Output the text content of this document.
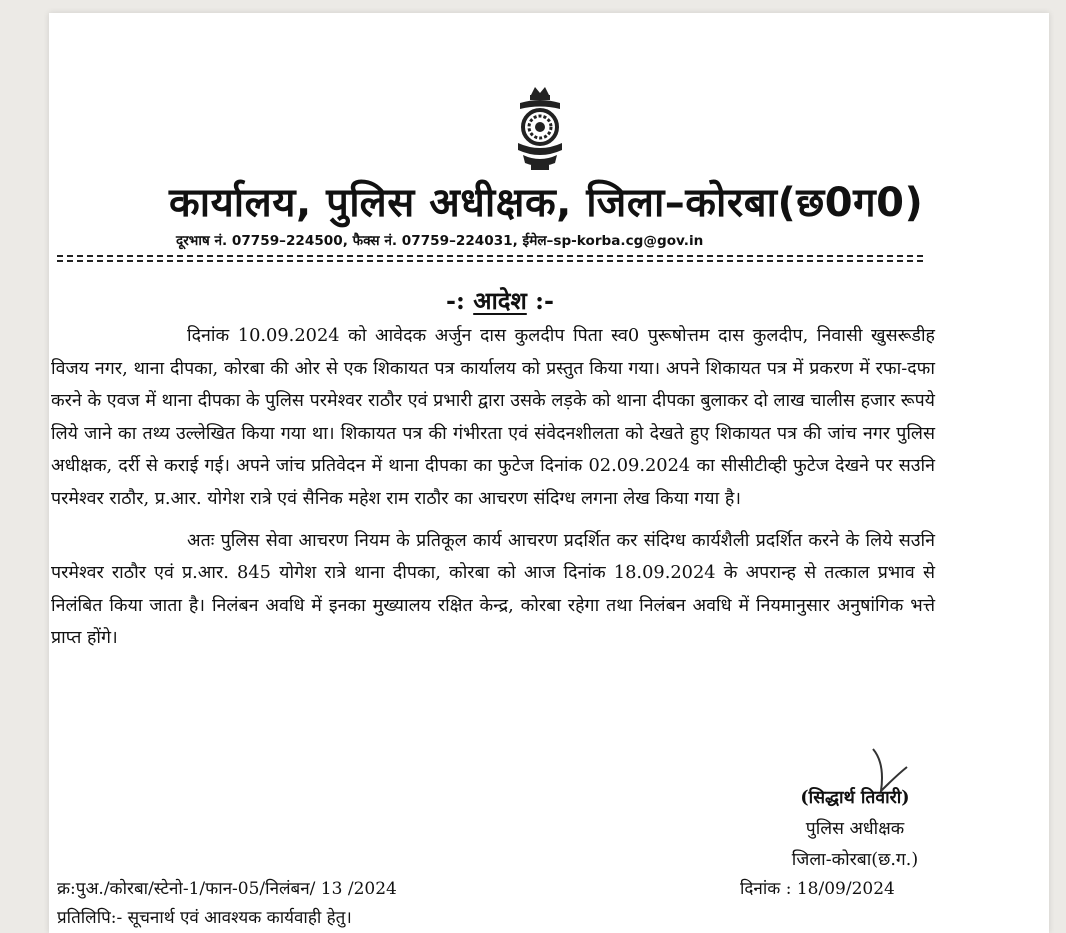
कार्यालय, पुलिस अधीक्षक, जिला–कोरबा(छ0ग0)
दूरभाष नं. 07759–224500, फैक्स नं. 07759–224031, ईमेल–sp-korba.cg@gov.in
-: आदेश :-

दिनांक 10.09.2024 को आवेदक अर्जुन दास कुलदीप पिता स्व0 पुरूषोत्तम दास कुलदीप, निवासी खुसरूडीह विजय नगर, थाना दीपका, कोरबा की ओर से एक शिकायत पत्र कार्यालय को प्रस्तुत किया गया। अपने शिकायत पत्र में प्रकरण में रफा-दफा करने के एवज में थाना दीपका के पुलिस परमेश्वर राठौर एवं प्रभारी द्वारा उसके लड़के को थाना दीपका बुलाकर दो लाख चालीस हजार रूपये लिये जाने का तथ्य उल्लेखित किया गया था। शिकायत पत्र की गंभीरता एवं संवेदनशीलता को देखते हुए शिकायत पत्र की जांच नगर पुलिस अधीक्षक, दर्री से कराई गई। अपने जांच प्रतिवेदन में थाना दीपका का फुटेज दिनांक 02.09.2024 का सीसीटीव्ही फुटेज देखने पर सउनि परमेश्वर राठौर, प्र.आर. योगेश रात्रे एवं सैनिक महेश राम राठौर का आचरण संदिग्ध लगना लेख किया गया है।

अतः पुलिस सेवा आचरण नियम के प्रतिकूल कार्य आचरण प्रदर्शित कर संदिग्ध कार्यशैली प्रदर्शित करने के लिये सउनि परमेश्वर राठौर एवं प्र.आर. 845 योगेश रात्रे थाना दीपका, कोरबा को आज दिनांक 18.09.2024 के अपरान्ह से तत्काल प्रभाव से निलंबित किया जाता है। निलंबन अवधि में इनका मुख्यालय रक्षित केन्द्र, कोरबा रहेगा तथा निलंबन अवधि में नियमानुसार अनुषांगिक भत्ते प्राप्त होंगे।

(सिद्धार्थ तिवारी)
पुलिस अधीक्षक
जिला-कोरबा(छ.ग.)
क्र:पुअ./कोरबा/स्टेनो-1/फान-05/निलंबन/ 13 /2024	दिनांक : 18/09/2024
प्रतिलिपि:- सूचनार्थ एवं आवश्यक कार्यवाही हेतु।
